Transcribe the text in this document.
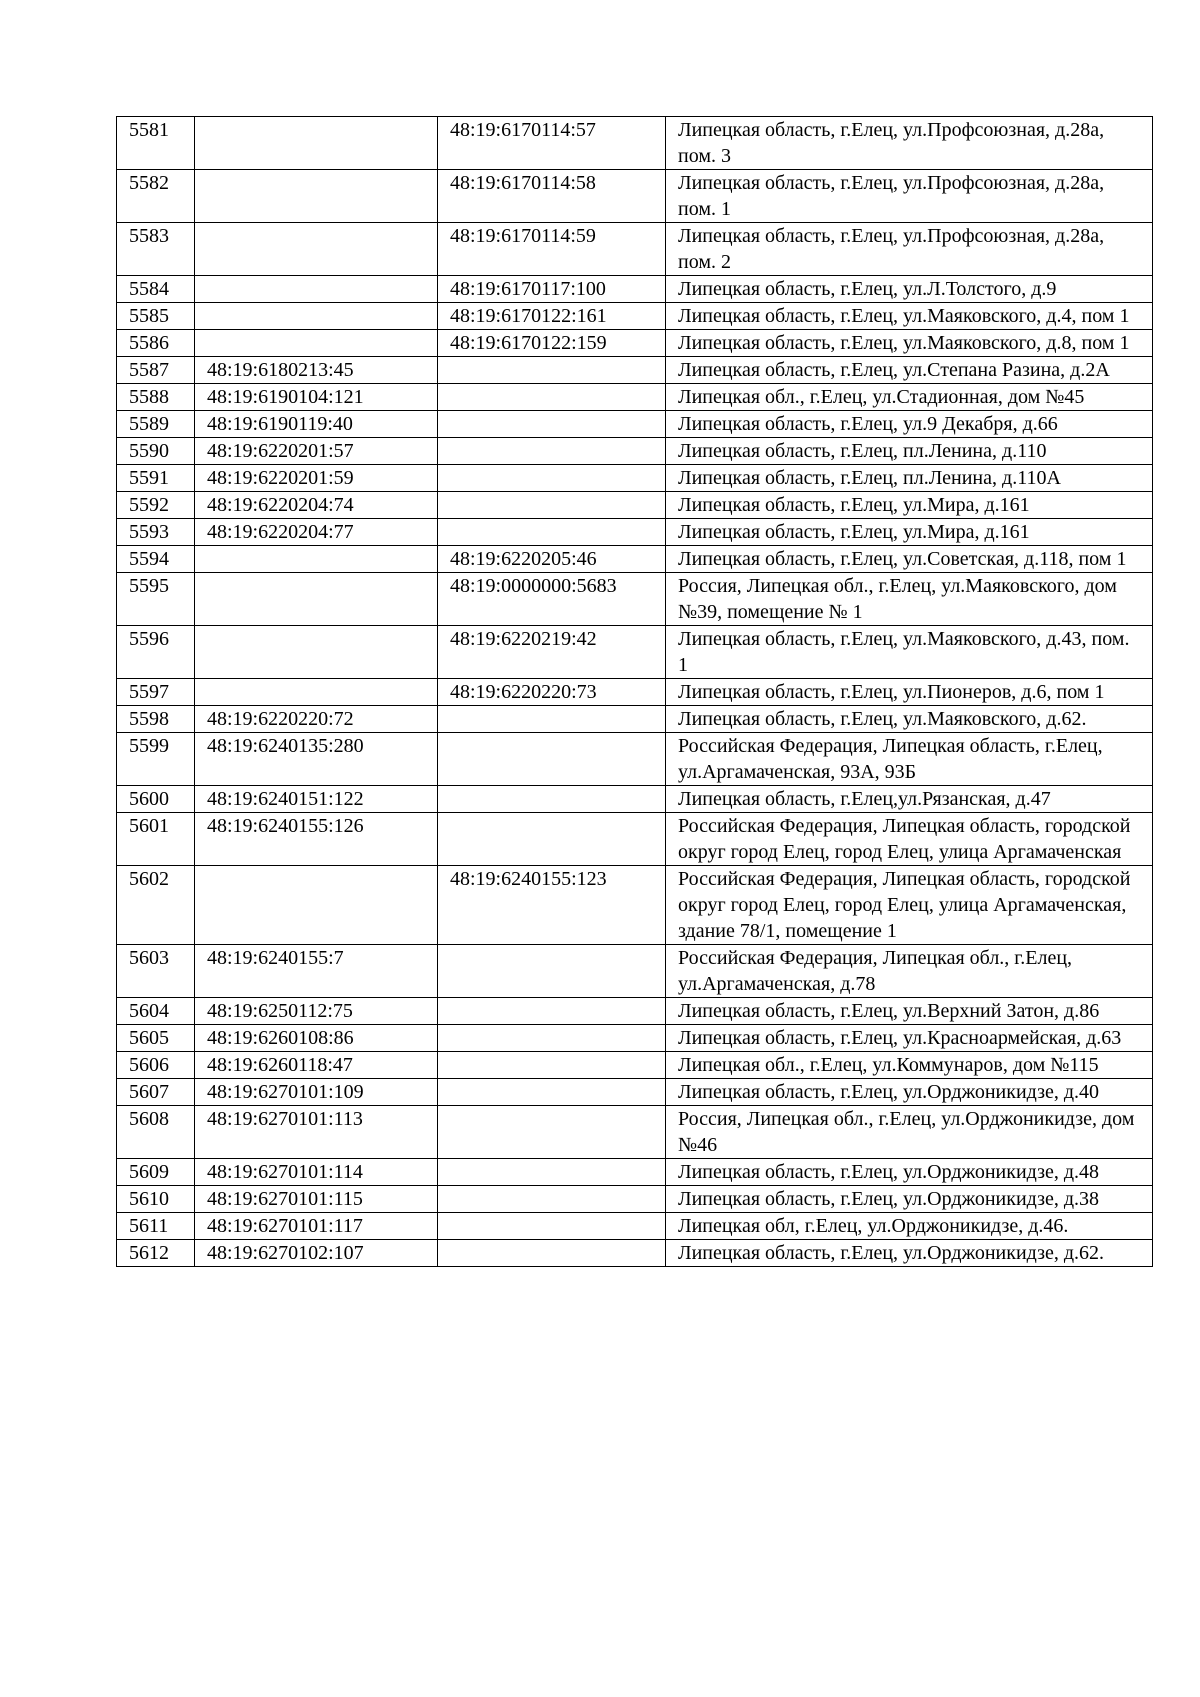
5581		48:19:6170114:57	Липецкая область, г.Елец, ул.Профсоюзная, д.28а, пом. 3
5582		48:19:6170114:58	Липецкая область, г.Елец, ул.Профсоюзная, д.28а, пом. 1
5583		48:19:6170114:59	Липецкая область, г.Елец, ул.Профсоюзная, д.28а, пом. 2
5584		48:19:6170117:100	Липецкая область, г.Елец, ул.Л.Толстого, д.9
5585		48:19:6170122:161	Липецкая область, г.Елец, ул.Маяковского, д.4, пом 1
5586		48:19:6170122:159	Липецкая область, г.Елец, ул.Маяковского, д.8, пом 1
5587	48:19:6180213:45		Липецкая область, г.Елец, ул.Степана Разина, д.2А
5588	48:19:6190104:121		Липецкая обл., г.Елец, ул.Стадионная, дом №45
5589	48:19:6190119:40		Липецкая область, г.Елец, ул.9 Декабря, д.66
5590	48:19:6220201:57		Липецкая область, г.Елец, пл.Ленина, д.110
5591	48:19:6220201:59		Липецкая область, г.Елец, пл.Ленина, д.110А
5592	48:19:6220204:74		Липецкая область, г.Елец, ул.Мира, д.161
5593	48:19:6220204:77		Липецкая область, г.Елец, ул.Мира, д.161
5594		48:19:6220205:46	Липецкая область, г.Елец, ул.Советская, д.118, пом 1
5595		48:19:0000000:5683	Россия, Липецкая обл., г.Елец, ул.Маяковского, дом №39, помещение № 1
5596		48:19:6220219:42	Липецкая область, г.Елец, ул.Маяковского, д.43, пом. 1
5597		48:19:6220220:73	Липецкая область, г.Елец, ул.Пионеров, д.6, пом 1
5598	48:19:6220220:72		Липецкая область, г.Елец, ул.Маяковского, д.62.
5599	48:19:6240135:280		Российская Федерация, Липецкая область, г.Елец, ул.Аргамаченская, 93А, 93Б
5600	48:19:6240151:122		Липецкая область, г.Елец,ул.Рязанская, д.47
5601	48:19:6240155:126		Российская Федерация, Липецкая область, городской округ город Елец, город Елец, улица Аргамаченская
5602		48:19:6240155:123	Российская Федерация, Липецкая область, городской округ город Елец, город Елец, улица Аргамаченская, здание 78/1, помещение 1
5603	48:19:6240155:7		Российская Федерация, Липецкая обл., г.Елец, ул.Аргамаченская, д.78
5604	48:19:6250112:75		Липецкая область, г.Елец, ул.Верхний Затон, д.86
5605	48:19:6260108:86		Липецкая область, г.Елец, ул.Красноармейская, д.63
5606	48:19:6260118:47		Липецкая обл., г.Елец, ул.Коммунаров, дом №115
5607	48:19:6270101:109		Липецкая область, г.Елец, ул.Орджоникидзе, д.40
5608	48:19:6270101:113		Россия, Липецкая обл., г.Елец, ул.Орджоникидзе, дом №46
5609	48:19:6270101:114		Липецкая область, г.Елец, ул.Орджоникидзе, д.48
5610	48:19:6270101:115		Липецкая область, г.Елец, ул.Орджоникидзе, д.38
5611	48:19:6270101:117		Липецкая обл, г.Елец, ул.Орджоникидзе, д.46.
5612	48:19:6270102:107		Липецкая область, г.Елец, ул.Орджоникидзе, д.62.
